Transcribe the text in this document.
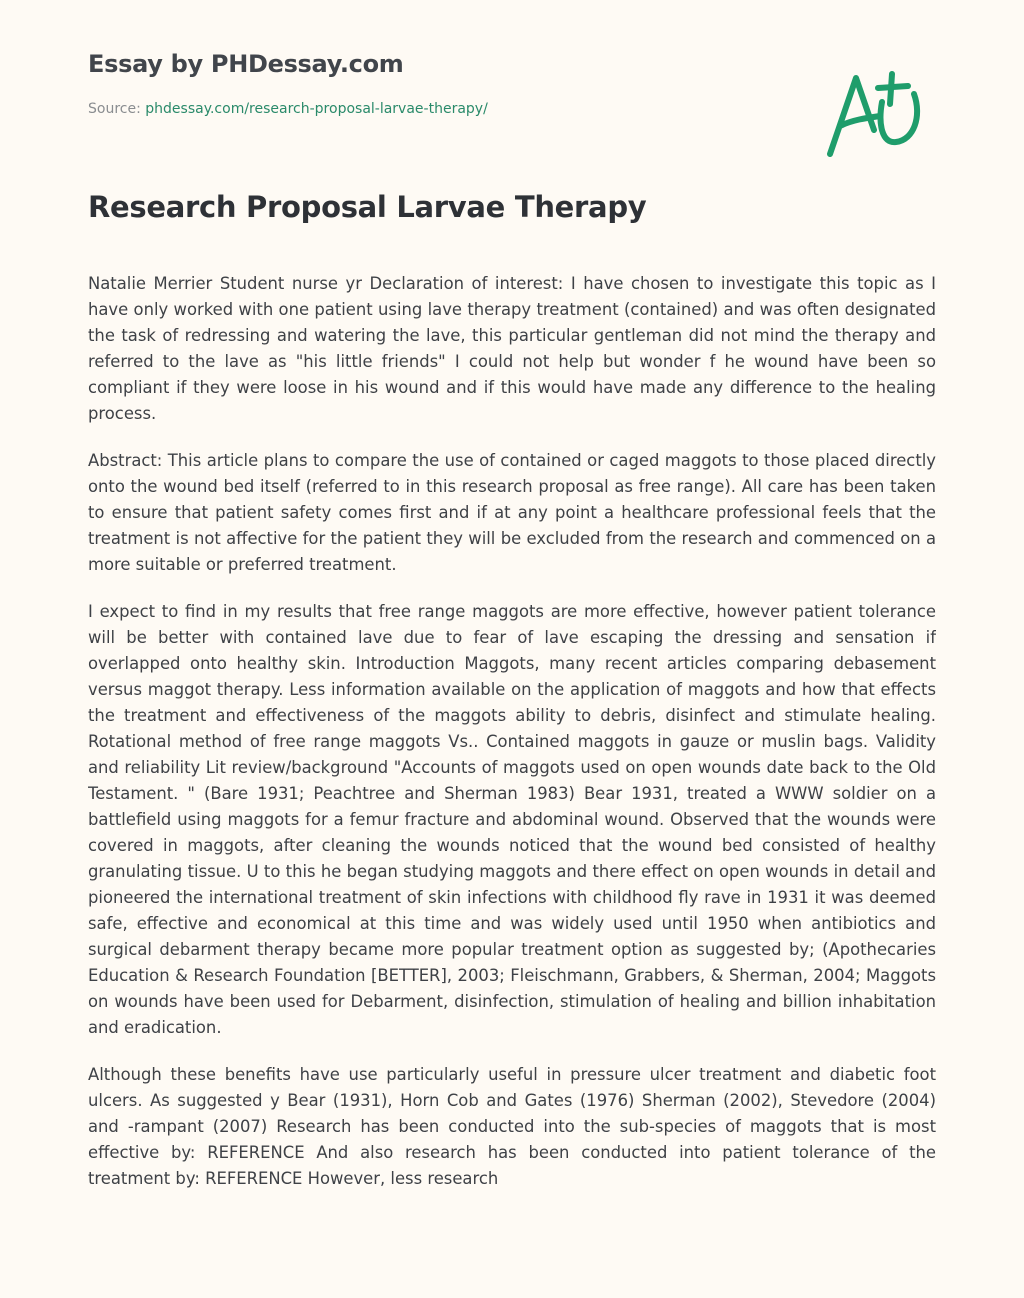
Essay by PHDessay.com
Source: phdessay.com/research-proposal-larvae-therapy/
Research Proposal Larvae Therapy

Natalie Merrier Student nurse yr Declaration of interest: I have chosen to investigate this topic as I have only worked with one patient using lave therapy treatment (contained) and was often designated the task of redressing and watering the lave, this particular gentleman did not mind the therapy and referred to the lave as "his little friends" I could not help but wonder f he wound have been so compliant if they were loose in his wound and if this would have made any difference to the healing process.

Abstract: This article plans to compare the use of contained or caged maggots to those placed directly onto the wound bed itself (referred to in this research proposal as free range). All care has been taken to ensure that patient safety comes first and if at any point a healthcare professional feels that the treatment is not affective for the patient they will be excluded from the research and commenced on a more suitable or preferred treatment.

I expect to find in my results that free range maggots are more effective, however patient tolerance will be better with contained lave due to fear of lave escaping the dressing and sensation if overlapped onto healthy skin. Introduction Maggots, many recent articles comparing debasement versus maggot therapy. Less information available on the application of maggots and how that effects the treatment and effectiveness of the maggots ability to debris, disinfect and stimulate healing. Rotational method of free range maggots Vs.. Contained maggots in gauze or muslin bags. Validity and reliability Lit review/background "Accounts of maggots used on open wounds date back to the Old Testament. " (Bare 1931; Peachtree and Sherman 1983) Bear 1931, treated a WWW soldier on a battlefield using maggots for a femur fracture and abdominal wound. Observed that the wounds were covered in maggots, after cleaning the wounds noticed that the wound bed consisted of healthy granulating tissue. U to this he began studying maggots and there effect on open wounds in detail and pioneered the international treatment of skin infections with childhood fly rave in 1931 it was deemed safe, effective and economical at this time and was widely used until 1950 when antibiotics and surgical debarment therapy became more popular treatment option as suggested by; (Apothecaries Education & Research Foundation [BETTER], 2003; Fleischmann, Grabbers, & Sherman, 2004; Maggots on wounds have been used for Debarment, disinfection, stimulation of healing and billion inhabitation and eradication.

Although these benefits have use particularly useful in pressure ulcer treatment and diabetic foot ulcers. As suggested y Bear (1931), Horn Cob and Gates (1976) Sherman (2002), Stevedore (2004) and -rampant (2007) Research has been conducted into the sub-species of maggots that is most effective by: REFERENCE And also research has been conducted into patient tolerance of the treatment by: REFERENCE However, less research
